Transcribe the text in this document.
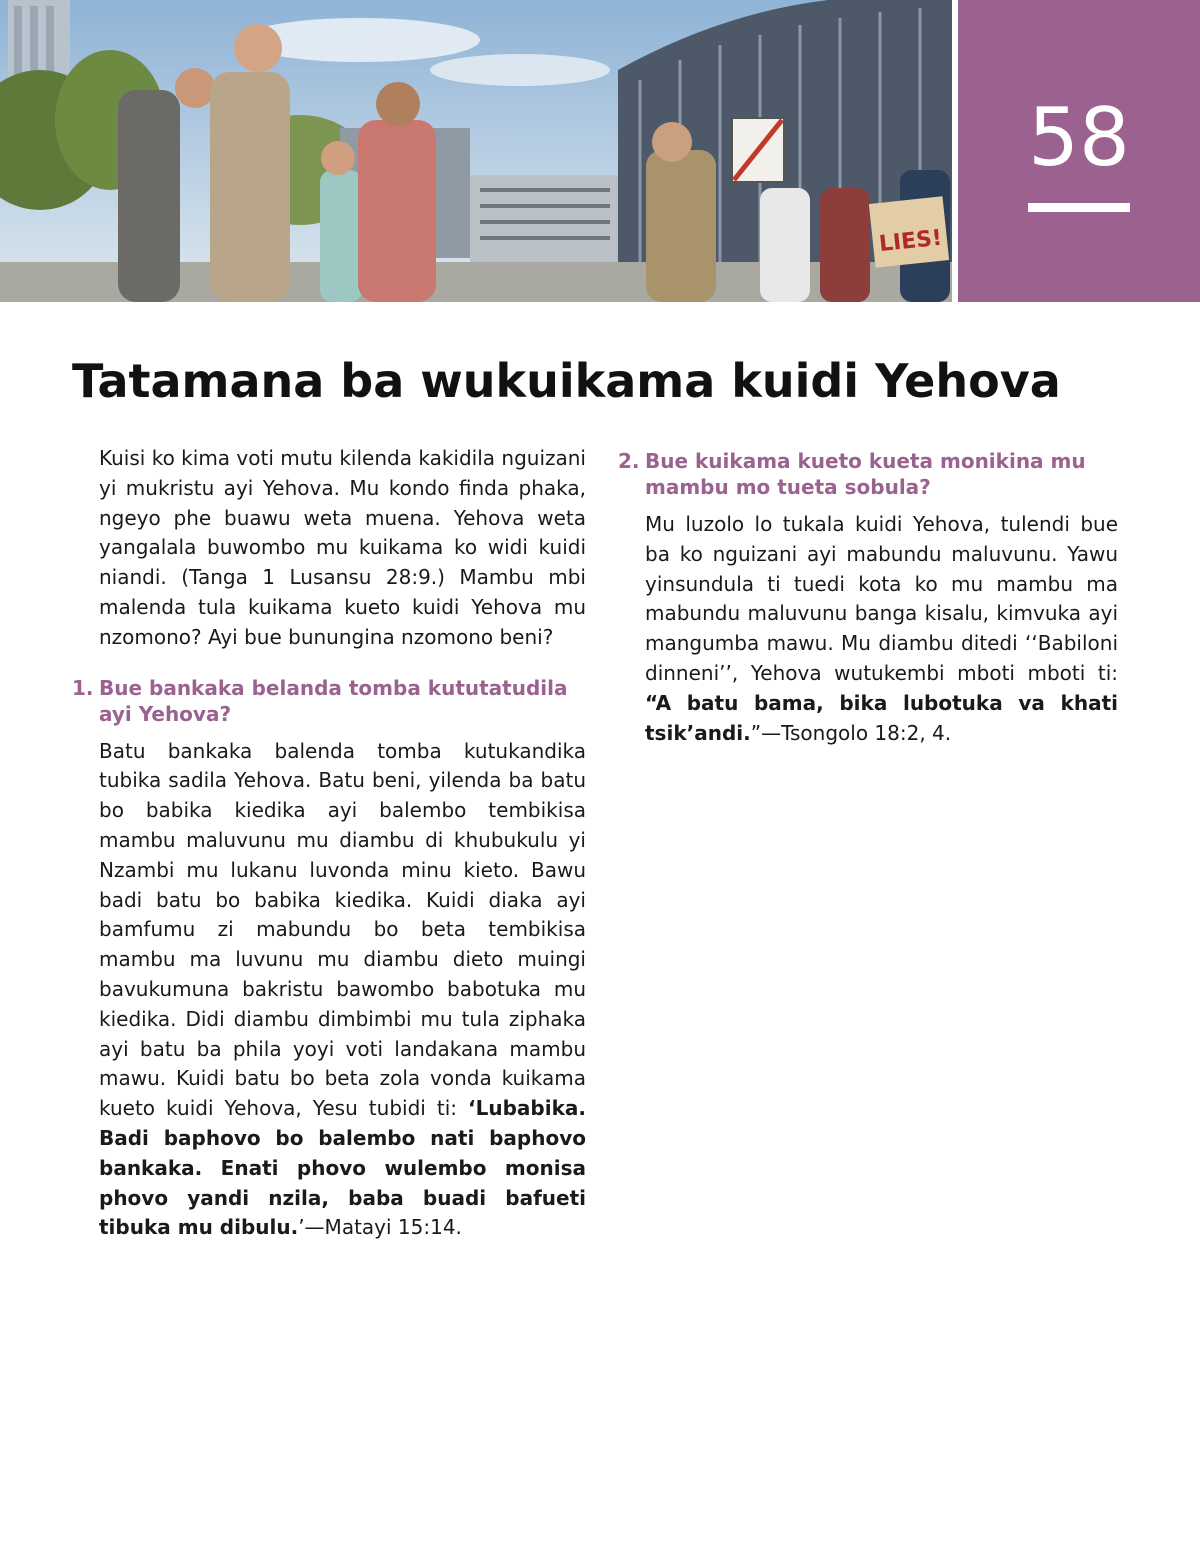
LIES!
58
Tatamana ba wukuikama kuidi Yehova

Kuisi ko kima voti mutu kilenda kakidila nguizani yi mukristu ayi Yehova. Mu kondo finda phaka, ngeyo phe buawu weta muena. Yehova weta yangalala buwombo mu kuikama ko widi kuidi niandi. (Tanga 1 Lusansu 28:9.) Mambu mbi malenda tula kuikama kueto kuidi Yehova mu nzomono? Ayi bue bunungina nzomono beni?

1. Bue bankaka belanda tomba kututatudila ayi Yehova?

Batu bankaka balenda tomba kutukandika tubika sadila Yehova. Batu beni, yilenda ba batu bo babika kiedika ayi balembo tembikisa mambu maluvunu mu diambu di khubukulu yi Nzambi mu lukanu luvonda minu kieto. Bawu badi batu bo babika kiedika. Kuidi diaka ayi bamfumu zi mabundu bo beta tembikisa mambu ma luvunu mu diambu dieto muingi bavukumuna bakristu bawombo babotuka mu kiedika. Didi diambu dimbimbi mu tula ziphaka ayi batu ba phila yoyi voti landakana mambu mawu. Kuidi batu bo beta zola vonda kuikama kueto kuidi Yehova, Yesu tubidi ti: ‘Lubabika. Badi baphovo bo balembo nati baphovo bankaka. Enati phovo wulembo monisa phovo yandi nzila, baba buadi bafueti tibuka mu dibulu.’—Matayi 15:14.

2. Bue kuikama kueto kueta monikina mu mambu mo tueta sobula?

Mu luzolo lo tukala kuidi Yehova, tulendi bue ba ko nguizani ayi mabundu maluvunu. Yawu yinsundula ti tuedi kota ko mu mambu ma mabundu maluvunu banga kisalu, kimvuka ayi mangumba mawu. Mu diambu ditedi ‘‘Babiloni dinneni’’, Yehova wutukembi mboti mboti ti: “A batu bama, bika lubotuka va khati tsik’andi.”—Tsongolo 18:2, 4.
